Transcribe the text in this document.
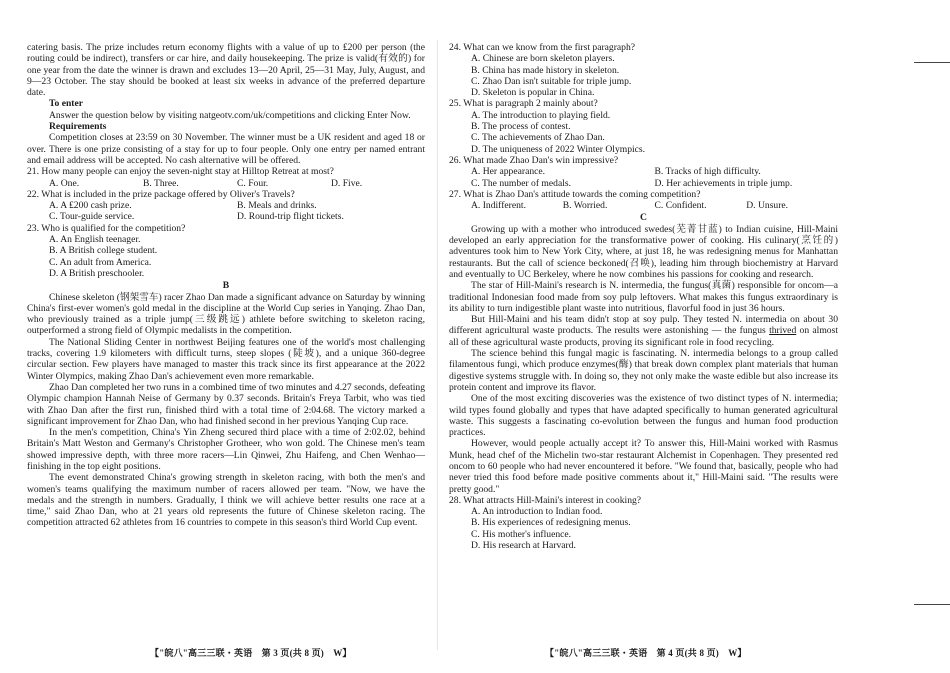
catering basis. The prize includes return economy flights with a value of up to ₤200 per person (the routing could be indirect), transfers or car hire, and daily housekeeping. The prize is valid(有效的) for one year from the date the winner is drawn and excludes 13—20 April, 25—31 May, July, August, and 9—23 October. The stay should be booked at least six weeks in advance of the preferred departure date.

To enter

Answer the question below by visiting natgeotv.com/uk/competitions and clicking Enter Now.

Requirements

Competition closes at 23:59 on 30 November. The winner must be a UK resident and aged 18 or over. There is one prize consisting of a stay for up to four people. Only one entry per named entrant and email address will be accepted. No cash alternative will be offered.

21. How many people can enjoy the seven-night stay at Hilltop Retreat at most?

A. One.	B. Three.	C. Four.	D. Five.

22. What is included in the prize package offered by Oliver's Travels?

A. A ₤200 cash prize.	B. Meals and drinks.
C. Tour-guide service.	D. Round-trip flight tickets.

23. Who is qualified for the competition?

A. An English teenager.

B. A British college student.

C. An adult from America.

D. A British preschooler.

B

Chinese skeleton (钢架雪车) racer Zhao Dan made a significant advance on Saturday by winning China's first-ever women's gold medal in the discipline at the World Cup series in Yanqing. Zhao Dan, who previously trained as a triple jump(三级跳远) athlete before switching to skeleton racing, outperformed a strong field of Olympic medalists in the competition.

The National Sliding Center in northwest Beijing features one of the world's most challenging tracks, covering 1.9 kilometers with difficult turns, steep slopes (陡坡), and a unique 360-degree circular section. Few players have managed to master this track since its first appearance at the 2022 Winter Olympics, making Zhao Dan's achievement even more remarkable.

Zhao Dan completed her two runs in a combined time of two minutes and 4.27 seconds, defeating Olympic champion Hannah Neise of Germany by 0.37 seconds. Britain's Freya Tarbit, who was tied with Zhao Dan after the first run, finished third with a total time of 2:04.68. The victory marked a significant improvement for Zhao Dan, who had finished second in her previous Yanqing Cup race.

In the men's competition, China's Yin Zheng secured third place with a time of 2:02.02, behind Britain's Matt Weston and Germany's Christopher Grotheer, who won gold. The Chinese men's team showed impressive depth, with three more racers—Lin Qinwei, Zhu Haifeng, and Chen Wenhao—finishing in the top eight positions.

The event demonstrated China's growing strength in skeleton racing, with both the men's and women's teams qualifying the maximum number of racers allowed per team. "Now, we have the medals and the strength in numbers. Gradually, I think we will achieve better results one race at a time," said Zhao Dan, who at 21 years old represents the future of Chinese skeleton racing. The competition attracted 62 athletes from 16 countries to compete in this season's third World Cup event.

24. What can we know from the first paragraph?

A. Chinese are born skeleton players.

B. China has made history in skeleton.

C. Zhao Dan isn't suitable for triple jump.

D. Skeleton is popular in China.

25. What is paragraph 2 mainly about?

A. The introduction to playing field.

B. The process of contest.

C. The achievements of Zhao Dan.

D. The uniqueness of 2022 Winter Olympics.

26. What made Zhao Dan's win impressive?

A. Her appearance.	B. Tracks of high difficulty.
C. The number of medals.	D. Her achievements in triple jump.

27. What is Zhao Dan's attitude towards the coming competition?

A. Indifferent.	B. Worried.	C. Confident.	D. Unsure.

C

Growing up with a mother who introduced swedes(芜菁甘蓝) to Indian cuisine, Hill-Maini developed an early appreciation for the transformative power of cooking. His culinary(烹饪的) adventures took him to New York City, where, at just 18, he was redesigning menus for Manhattan restaurants. But the call of science beckoned(召唤), leading him through biochemistry at Harvard and eventually to UC Berkeley, where he now combines his passions for cooking and research.

The star of Hill-Maini's research is N. intermedia, the fungus(真菌) responsible for oncom—a traditional Indonesian food made from soy pulp leftovers. What makes this fungus extraordinary is its ability to turn indigestible plant waste into nutritious, flavorful food in just 36 hours.

But Hill-Maini and his team didn't stop at soy pulp. They tested N. intermedia on about 30 different agricultural waste products. The results were astonishing — the fungus thrived on almost all of these agricultural waste products, proving its significant role in food recycling.

The science behind this fungal magic is fascinating. N. intermedia belongs to a group called filamentous fungi, which produce enzymes(酶) that break down complex plant materials that human digestive systems struggle with. In doing so, they not only make the waste edible but also increase its protein content and improve its flavor.

One of the most exciting discoveries was the existence of two distinct types of N. intermedia; wild types found globally and types that have adapted specifically to human generated agricultural waste. This suggests a fascinating co-evolution between the fungus and human food production practices.

However, would people actually accept it? To answer this, Hill-Maini worked with Rasmus Munk, head chef of the Michelin two-star restaurant Alchemist in Copenhagen. They presented red oncom to 60 people who had never encountered it before. "We found that, basically, people who had never tried this food before made positive comments about it," Hill-Maini said. "The results were pretty good."

28. What attracts Hill-Maini's interest in cooking?

A. An introduction to Indian food.

B. His experiences of redesigning menus.

C. His mother's influence.

D. His research at Harvard.

【"皖八"高三三联・英语　第 3 页(共 8 页)　W】	【"皖八"高三三联・英语　第 4 页(共 8 页)　W】
